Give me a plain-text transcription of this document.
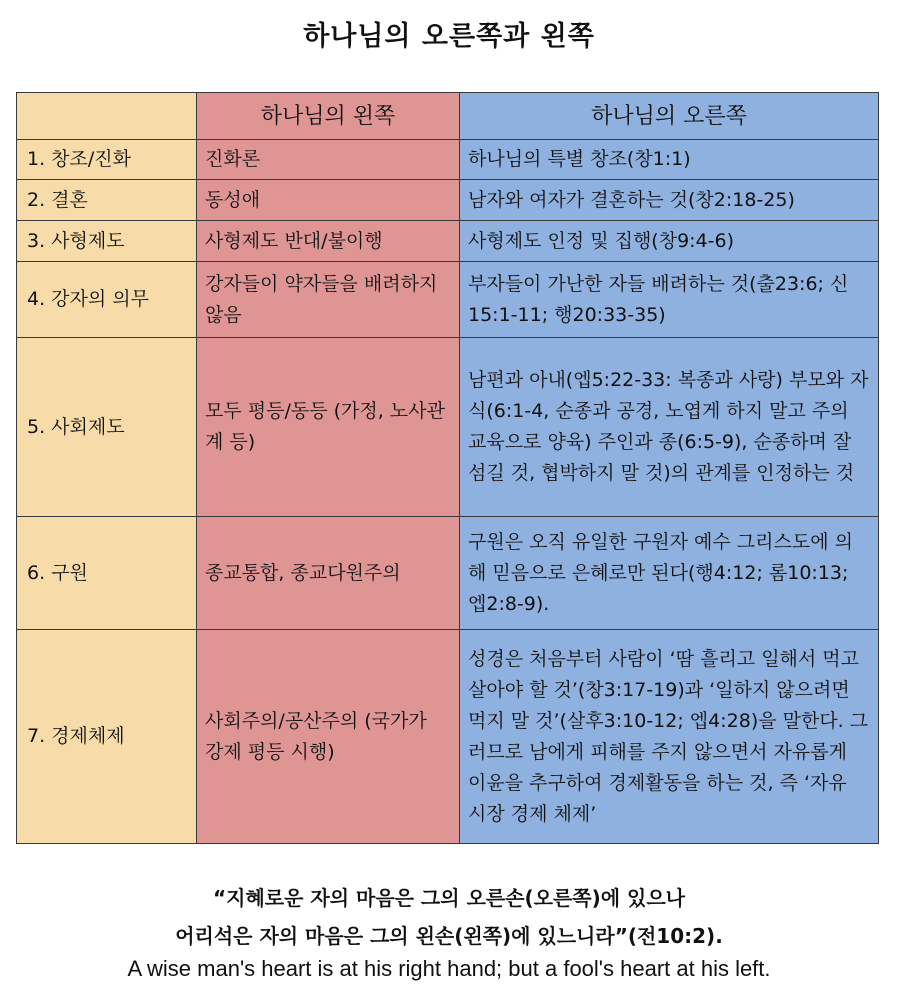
하나님의 오른쪽과 왼쪽
	하나님의 왼쪽	하나님의 오른쪽
1. 창조/진화	진화론	하나님의 특별 창조(창1:1)
2. 결혼	동성애	남자와 여자가 결혼하는 것(창2:18-25)
3. 사형제도	사형제도 반대/불이행	사형제도 인정 및 집행(창9:4-6)
4. 강자의 의무	강자들이 약자들을 배려하지 않음	부자들이 가난한 자들 배려하는 것(출23:6; 신15:1-11; 행20:33-35)
5. 사회제도	모두 평등/동등 (가정, 노사관계 등)	남편과 아내(엡5:22-33: 복종과 사랑) 부모와 자식(6:1-4, 순종과 공경, 노엽게 하지 말고 주의 교육으로 양육) 주인과 종(6:5-9), 순종하며 잘 섬길 것, 협박하지 말 것)의 관계를 인정하는 것
6. 구원	종교통합, 종교다원주의	구원은 오직 유일한 구원자 예수 그리스도에 의해 믿음으로 은혜로만 된다(행4:12; 롬10:13; 엡2:8-9).
7. 경제체제	사회주의/공산주의 (국가가 강제 평등 시행)	성경은 처음부터 사람이 ‘땀 흘리고 일해서 먹고 살아야 할 것’(창3:17-19)과 ‘일하지 않으려면 먹지 말 것’(살후3:10-12; 엡4:28)을 말한다. 그러므로 남에게 피해를 주지 않으면서 자유롭게 이윤을 추구하여 경제활동을 하는 것, 즉 ‘자유 시장 경제 체제’
“지혜로운 자의 마음은 그의 오른손(오른쪽)에 있으나
어리석은 자의 마음은 그의 왼손(왼쪽)에 있느니라”(전10:2).
A wise man's heart is at his right hand; but a fool's heart at his left.
